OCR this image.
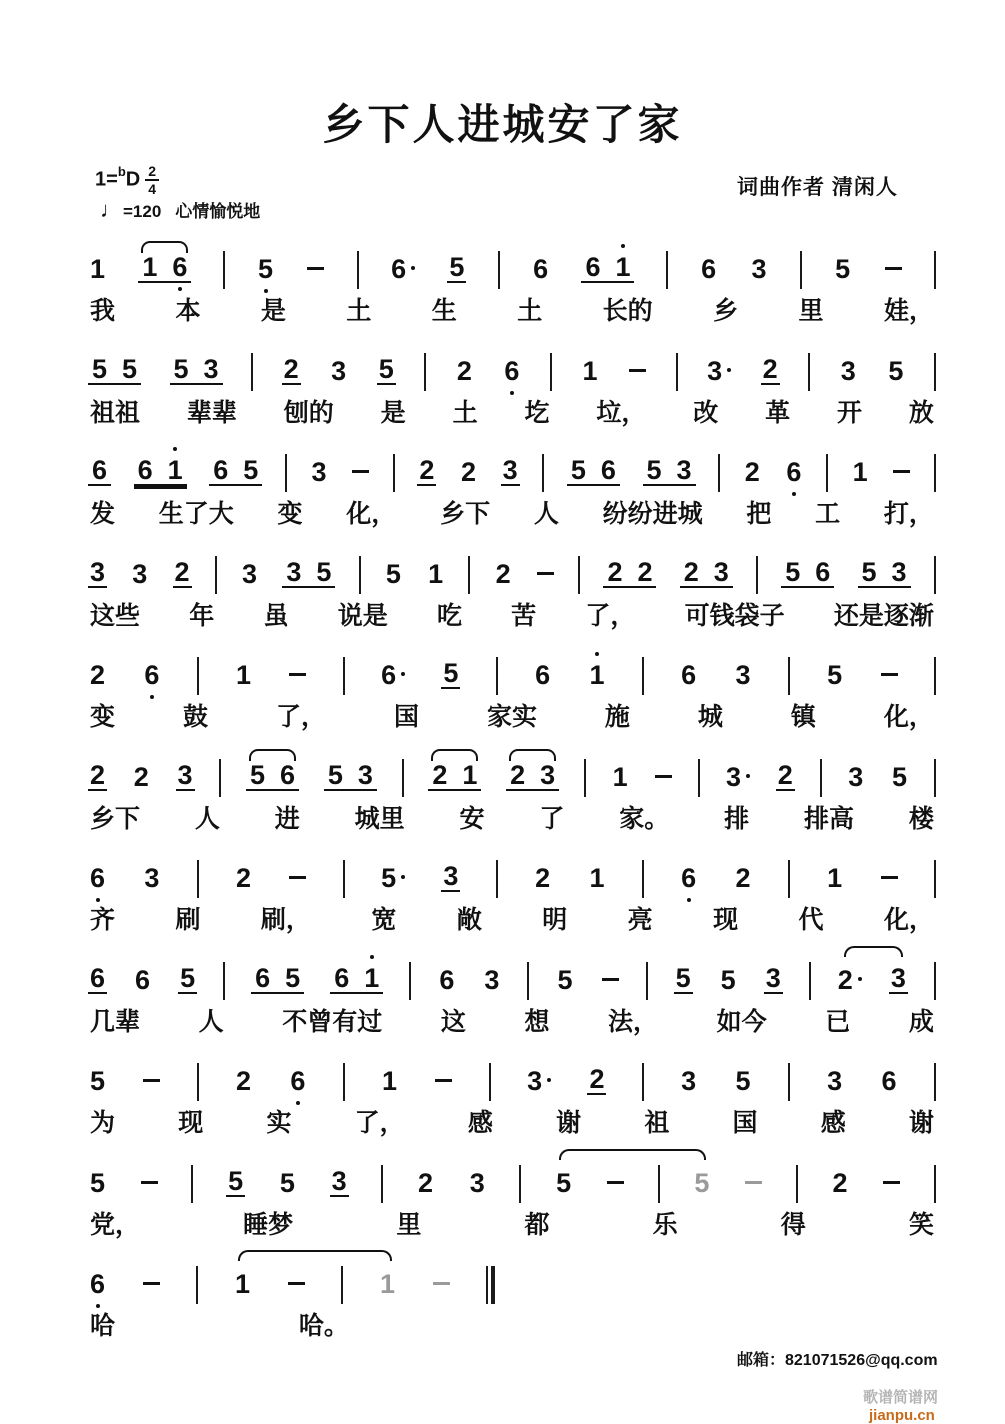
乡下人进城安了家
$1=^bD \frac{2}{4}$
♩=120 心情愉悦地
词曲作者 清闲人
1 1 6	5	6	5	6 6 1	6 3	5
我 本 是 土 生 土 长的 乡 里 娃，
5 5 5 3 2 3 5 2 6 1	3	2 3 5
祖祖 辈辈 刨的 是 土 圪 垃， 改 革 开 放
6 6 1 6 5 3	2 2 3 5 6 5 3 2 6 1
发 生了大 变 化， 乡下 人 纷纷进城 把 工 打，
3 3 2 3 3 5 5 1 2	2 2 2 3 5 6 5 3
这些 年 虽 说是 吃 苦 了， 可钱袋子 还是逐渐
2 6	1	6	5	6 1	6 3	5
变	鼓	了，	国	家实	施	城	镇	化，
2 2 3 5 6 5 3 2 1 2 3 1	3	2 3 5
乡下 人 进 城里 安 了 家。 排 排高 楼
6 3	2	5	3	2 1	6 2	1
齐 刷 刷， 宽 敞 明 亮 现 代 化，
6 6 5 6 5 6 1 6 3 5	5 5 3 2	3
几辈 人 不曾有过 这 想 法， 如今 已 成
5	2 6	1	3	2	3 5	3 6
为	现	实	了，	感	谢	祖	国	感	谢
5	5 5 3	2 3	5	5	2
党，	睡梦	里	都	乐	得	笑
6	1	1
哈	哈。
邮箱：821071526@qq.com
歌谱简谱网jianpu.cn
